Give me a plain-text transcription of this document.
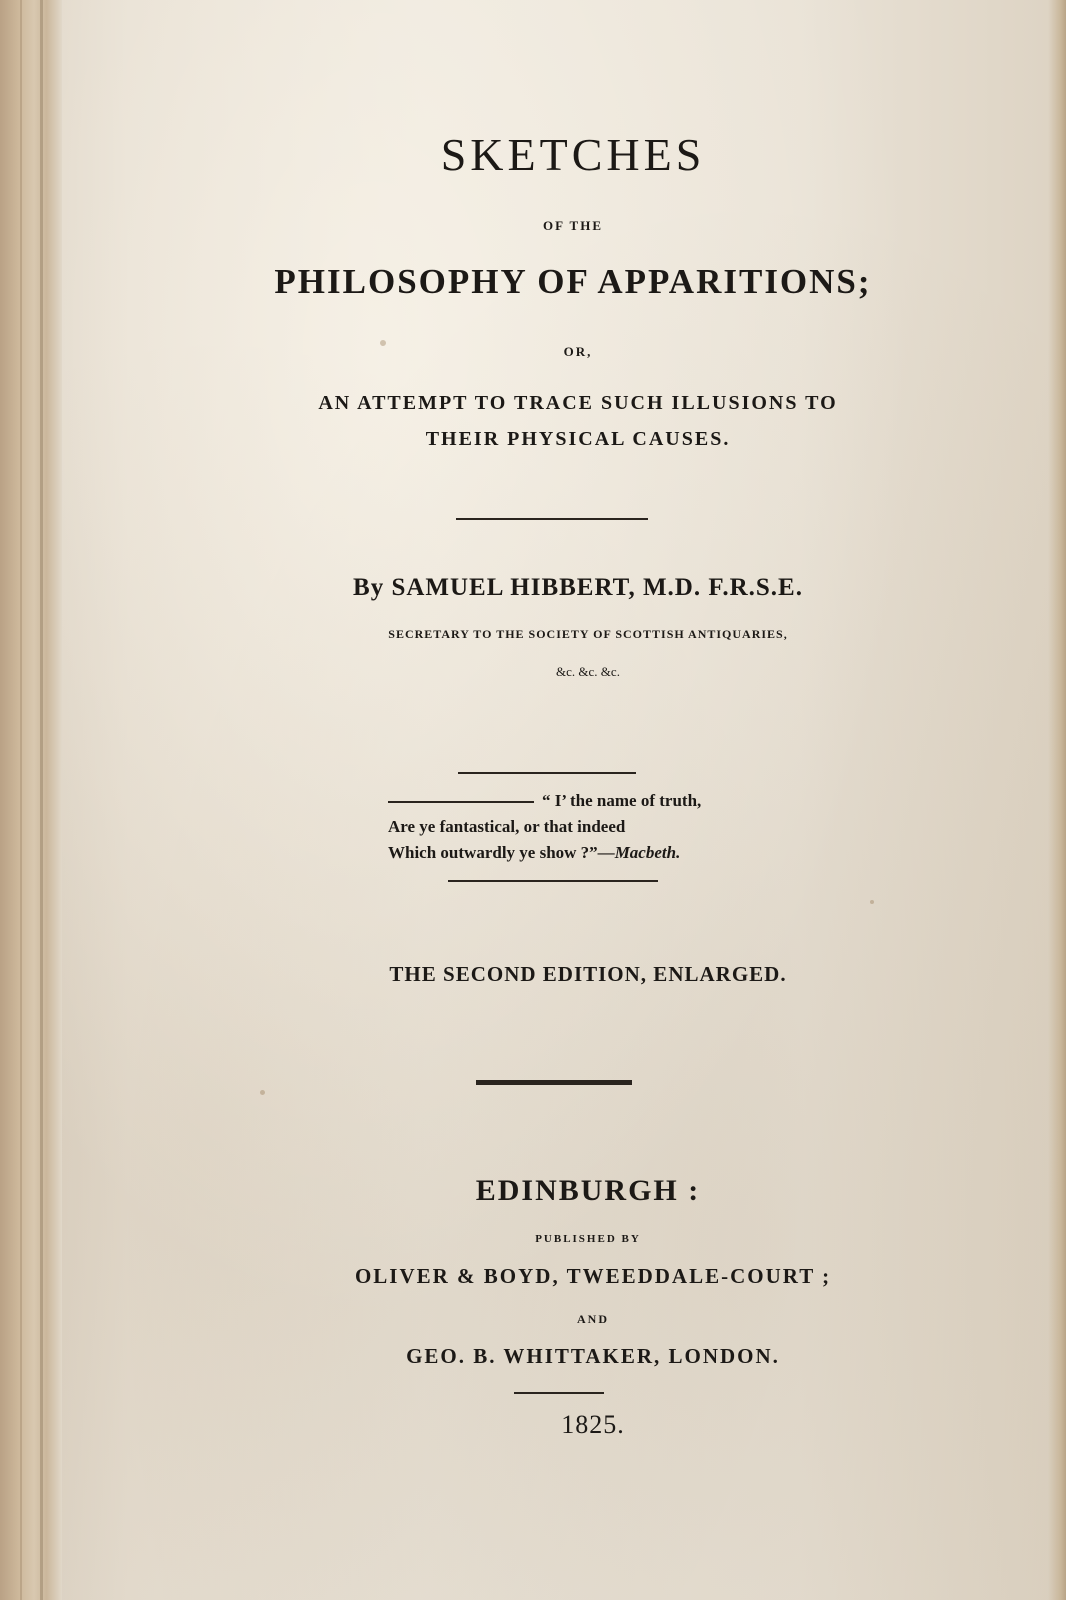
SKETCHES

OF THE

PHILOSOPHY OF APPARITIONS;

OR,

AN ATTEMPT TO TRACE SUCH ILLUSIONS TO

THEIR PHYSICAL CAUSES.

By SAMUEL HIBBERT, M.D. F.R.S.E.

SECRETARY TO THE SOCIETY OF SCOTTISH ANTIQUARIES,

&c. &c. &c.

“ I’ the name of truth,
Are ye fantastical, or that indeed
Which outwardly ye show ?”—Macbeth.

THE SECOND EDITION, ENLARGED.

EDINBURGH :

PUBLISHED BY

OLIVER & BOYD, TWEEDDALE-COURT ;

AND

GEO. B. WHITTAKER, LONDON.

1825.
